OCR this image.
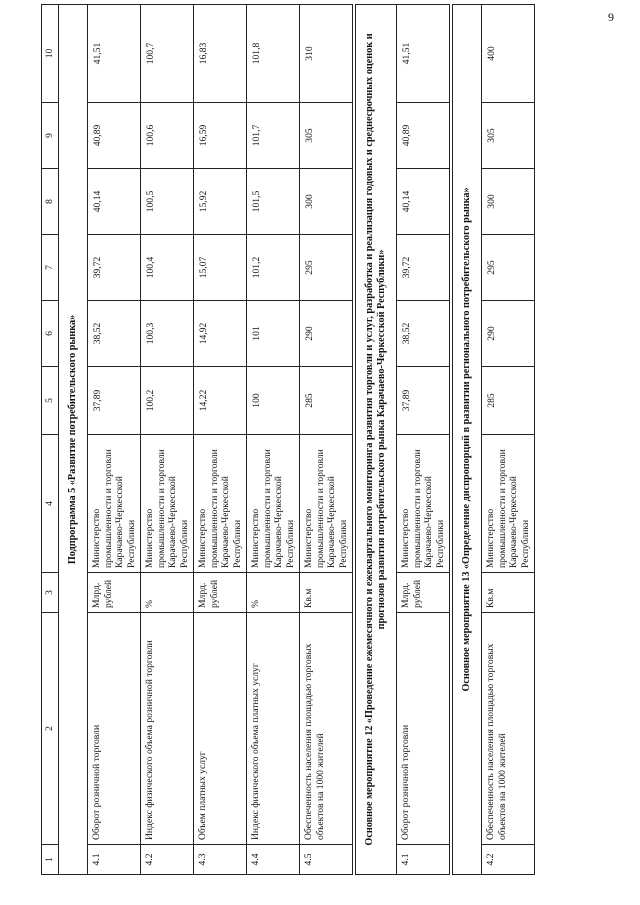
9
1	2	3	4	5	6	7	8	9	10
Подпрограмма 5 «Развитие потребительского рынка»									
4.1	Оборот розничной торговли	Млрд. рублей	Министерство промышленности и торговли Карачаево-Черкесской Республики	37,89	38,52	39,72	40,14	40,89	41,51
4.2	Индекс физического объема розничной торговли	%	Министерство промышленности и торговли Карачаево-Черкесской Республики	100,2	100,3	100,4	100,5	100,6	100,7
4.3	Объем платных услуг	Млрд. рублей	Министерство промышленности и торговли Карачаево-Черкесской Республики	14,22	14,92	15,07	15,92	16,59	16,83
4.4	Индекс физического объема платных услуг	%	Министерство промышленности и торговли Карачаево-Черкесской Республики	100	101	101,2	101,5	101,7	101,8
4.5	Обеспеченность населения площадью торговых объектов на 1000 жителей	Кв.м	Министерство промышленности и торговли Карачаево-Черкесской Республики	285	290	295	300	305	310

Основное мероприятие 12 «Проведение ежемесячного и ежеквартального мониторинга развития торговли и услуг, разработка и реализация годовых и среднесрочных оценок и прогнозов развития потребительского рынка Карачаево-Черкесской Республики»									
4.1	Оборот розничной торговли	Млрд. рублей	Министерство промышленности и торговли Карачаево-Черкесской Республики	37,89	38,52	39,72	40,14	40,89	41,51

Основное мероприятие 13 «Определение диспропорций в развитии регионального потребительского рынка»									
4.2	Обеспеченность населения площадью торговых объектов на 1000 жителей	Кв.м	Министерство промышленности и торговли Карачаево-Черкесской Республики	285	290	295	300	305	400
